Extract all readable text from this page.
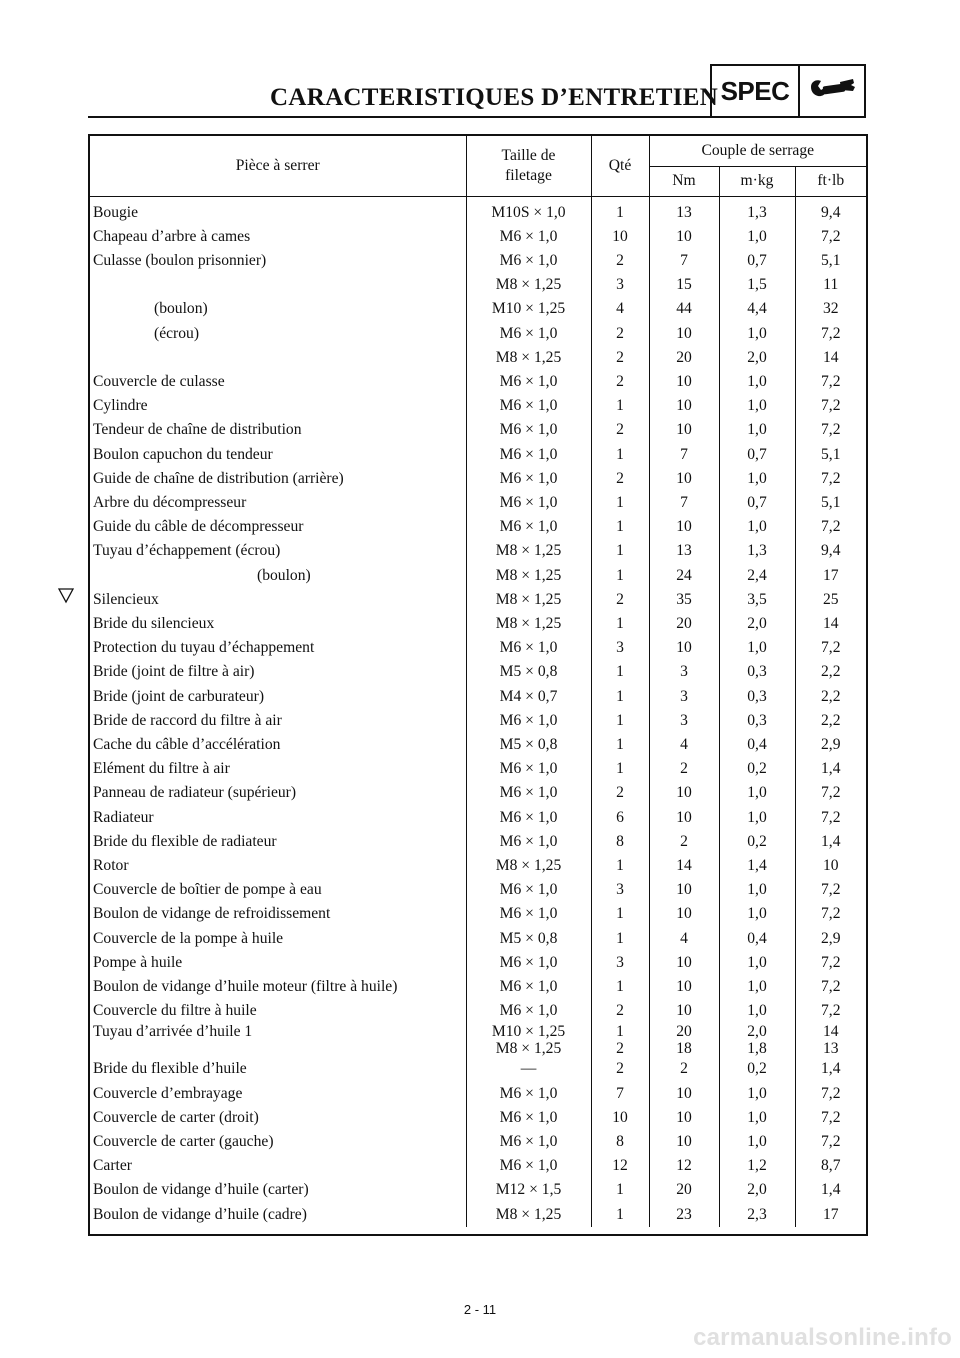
CARACTERISTIQUES D’ENTRETIEN SPEC
Pièce à serrer	Taille de
filetage	Qté	Couple de serrage		
			Nm	m·kg	ft·lb
Bougie	M10S × 1,0	1	13	1,3	9,4
Chapeau d’arbre à cames	M6 × 1,0	10	10	1,0	7,2
Culasse (boulon prisonnier)	M6 × 1,0	2	7	0,7	5,1
	M8 × 1,25	3	15	1,5	11
(boulon)	M10 × 1,25	4	44	4,4	32
(écrou)	M6 × 1,0	2	10	1,0	7,2
	M8 × 1,25	2	20	2,0	14
Couvercle de culasse	M6 × 1,0	2	10	1,0	7,2
Cylindre	M6 × 1,0	1	10	1,0	7,2
Tendeur de chaîne de distribution	M6 × 1,0	2	10	1,0	7,2
Boulon capuchon du tendeur	M6 × 1,0	1	7	0,7	5,1
Guide de chaîne de distribution (arrière)	M6 × 1,0	2	10	1,0	7,2
Arbre du décompresseur	M6 × 1,0	1	7	0,7	5,1
Guide du câble de décompresseur	M6 × 1,0	1	10	1,0	7,2
Tuyau d’échappement (écrou)	M8 × 1,25	1	13	1,3	9,4
(boulon)	M8 × 1,25	1	24	2,4	17
Silencieux	M8 × 1,25	2	35	3,5	25
Bride du silencieux	M8 × 1,25	1	20	2,0	14
Protection du tuyau d’échappement	M6 × 1,0	3	10	1,0	7,2
Bride (joint de filtre à air)	M5 × 0,8	1	3	0,3	2,2
Bride (joint de carburateur)	M4 × 0,7	1	3	0,3	2,2
Bride de raccord du filtre à air	M6 × 1,0	1	3	0,3	2,2
Cache du câble d’accélération	M5 × 0,8	1	4	0,4	2,9
Elément du filtre à air	M6 × 1,0	1	2	0,2	1,4
Panneau de radiateur (supérieur)	M6 × 1,0	2	10	1,0	7,2
Radiateur	M6 × 1,0	6	10	1,0	7,2
Bride du flexible de radiateur	M6 × 1,0	8	2	0,2	1,4
Rotor	M8 × 1,25	1	14	1,4	10
Couvercle de boîtier de pompe à eau	M6 × 1,0	3	10	1,0	7,2
Boulon de vidange de refroidissement	M6 × 1,0	1	10	1,0	7,2
Couvercle de la pompe à huile	M5 × 0,8	1	4	0,4	2,9
Pompe à huile	M6 × 1,0	3	10	1,0	7,2
Boulon de vidange d’huile moteur (filtre à huile)	M6 × 1,0	1	10	1,0	7,2
Couvercle du filtre à huile	M6 × 1,0	2	10	1,0	7,2
Tuyau d’arrivée d’huile 1	M10 × 1,25	1	20	2,0	14
	M8 × 1,25	2	18	1,8	13
Bride du flexible d’huile	—	2	2	0,2	1,4
Couvercle d’embrayage	M6 × 1,0	7	10	1,0	7,2
Couvercle de carter (droit)	M6 × 1,0	10	10	1,0	7,2
Couvercle de carter (gauche)	M6 × 1,0	8	10	1,0	7,2
Carter	M6 × 1,0	12	12	1,2	8,7
Boulon de vidange d’huile (carter)	M12 × 1,5	1	20	2,0	1,4
Boulon de vidange d’huile (cadre)	M8 × 1,25	1	23	2,3	17
2 - 11
carmanualsonline.info
